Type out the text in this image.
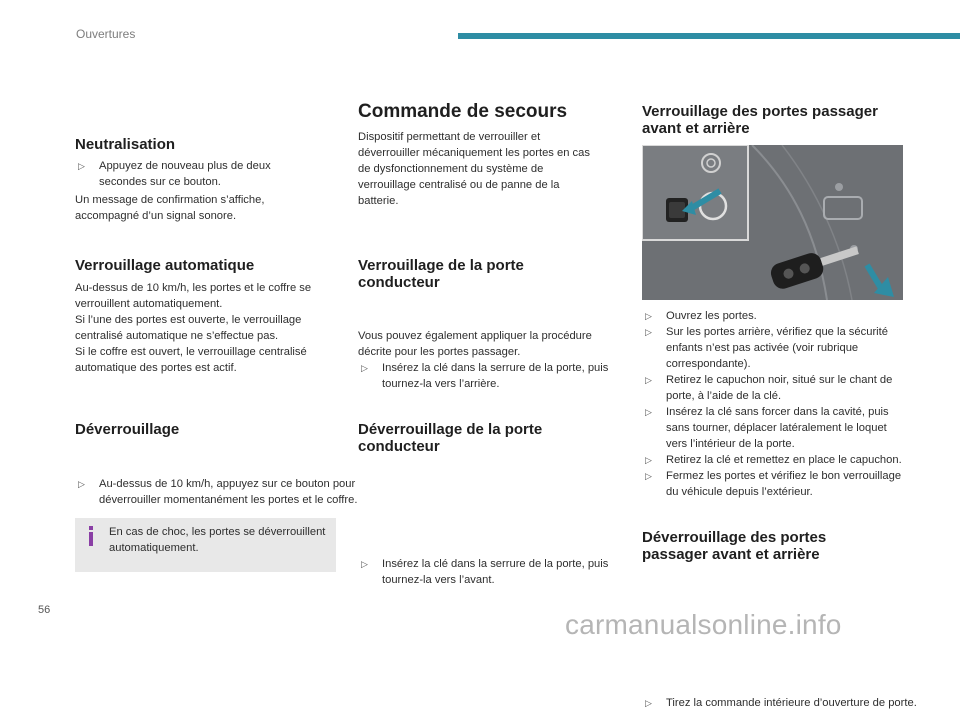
Ouvertures
Neutralisation
▷ Appuyez de nouveau plus de deux secondes sur ce bouton.

Un message de confirmation s’affiche, accompagné d’un signal sonore.

Verrouillage automatique

Au-dessus de 10 km/h, les portes et le coffre se verrouillent automatiquement.

Si l’une des portes est ouverte, le verrouillage centralisé automatique ne s’effectue pas.

Si le coffre est ouvert, le verrouillage centralisé automatique des portes est actif.

Déverrouillage
▷ Au-dessus de 10 km/h, appuyez sur ce bouton pour déverrouiller momentanément les portes et le coffre.

En cas de choc, les portes se déverrouillent automatiquement.

Commande de secours

Dispositif permettant de verrouiller et déverrouiller mécaniquement les portes en cas de dysfonctionnement du système de verrouillage centralisé ou de panne de la batterie.

Verrouillage de la porte
conducteur
▷ Insérez la clé dans la serrure de la porte, puis tournez-la vers l’arrière.

Vous pouvez également appliquer la procédure décrite pour les portes passager.

Déverrouillage de la porte
conducteur
▷ Insérez la clé dans la serrure de la porte, puis tournez-la vers l’avant.
Verrouillage des portes passager
avant et arrière
▷ Ouvrez les portes.
▷ Sur les portes arrière, vérifiez que la sécurité enfants n’est pas activée (voir rubrique correspondante).
▷ Retirez le capuchon noir, situé sur le chant de porte, à l’aide de la clé.
▷ Insérez la clé sans forcer dans la cavité, puis sans tourner, déplacer latéralement le loquet vers l’intérieur de la porte.
▷ Retirez la clé et remettez en place le capuchon.
▷ Fermez les portes et vérifiez le bon verrouillage du véhicule depuis l’extérieur.
Déverrouillage des portes
passager avant et arrière
▷ Tirez la commande intérieure d’ouverture de porte.
56	carmanualsonline.info
